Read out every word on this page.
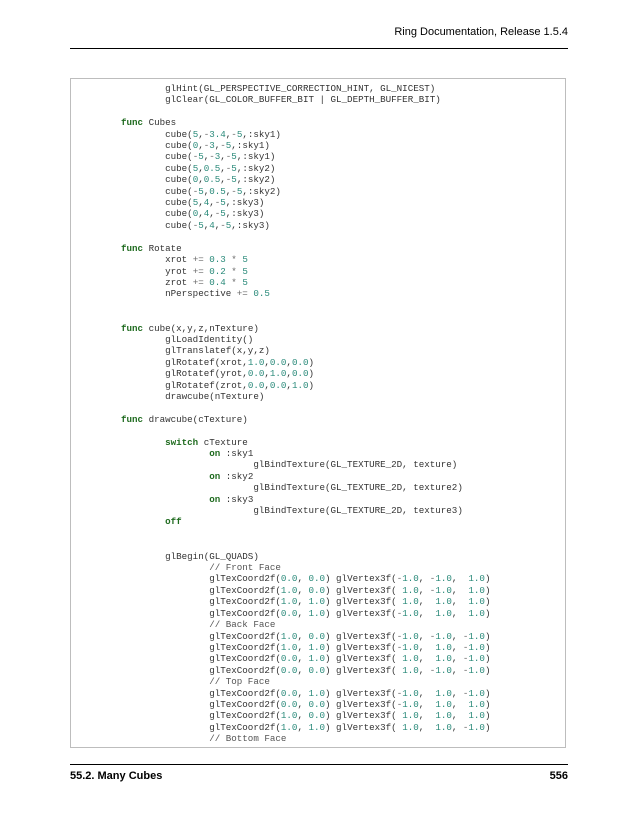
Ring Documentation, Release 1.5.4
glHint(GL_PERSPECTIVE_CORRECTION_HINT, GL_NICEST)
glClear(GL_COLOR_BUFFER_BIT | GL_DEPTH_BUFFER_BIT)

func Cubes
cube(5,-3.4,-5,:sky1)
cube(0,-3,-5,:sky1)
cube(-5,-3,-5,:sky1)
cube(5,0.5,-5,:sky2)
cube(0,0.5,-5,:sky2)
cube(-5,0.5,-5,:sky2)
cube(5,4,-5,:sky3)
cube(0,4,-5,:sky3)
cube(-5,4,-5,:sky3)

func Rotate
xrot += 0.3 * 5
yrot += 0.2 * 5
zrot += 0.4 * 5
nPerspective += 0.5

func cube(x,y,z,nTexture)
glLoadIdentity()
glTranslatef(x,y,z)
glRotatef(xrot,1.0,0.0,0.0)
glRotatef(yrot,0.0,1.0,0.0)
glRotatef(zrot,0.0,0.0,1.0)
drawcube(nTexture)

func drawcube(cTexture)

switch cTexture
on :sky1
glBindTexture(GL_TEXTURE_2D, texture)
on :sky2
glBindTexture(GL_TEXTURE_2D, texture2)
on :sky3
glBindTexture(GL_TEXTURE_2D, texture3)
off

glBegin(GL_QUADS)
// Front Face
glTexCoord2f(0.0, 0.0) glVertex3f(-1.0, -1.0,  1.0)
glTexCoord2f(1.0, 0.0) glVertex3f( 1.0, -1.0,  1.0)
glTexCoord2f(1.0, 1.0) glVertex3f( 1.0,  1.0,  1.0)
glTexCoord2f(0.0, 1.0) glVertex3f(-1.0,  1.0,  1.0)
// Back Face
glTexCoord2f(1.0, 0.0) glVertex3f(-1.0, -1.0, -1.0)
glTexCoord2f(1.0, 1.0) glVertex3f(-1.0,  1.0, -1.0)
glTexCoord2f(0.0, 1.0) glVertex3f( 1.0,  1.0, -1.0)
glTexCoord2f(0.0, 0.0) glVertex3f( 1.0, -1.0, -1.0)
// Top Face
glTexCoord2f(0.0, 1.0) glVertex3f(-1.0,  1.0, -1.0)
glTexCoord2f(0.0, 0.0) glVertex3f(-1.0,  1.0,  1.0)
glTexCoord2f(1.0, 0.0) glVertex3f( 1.0,  1.0,  1.0)
glTexCoord2f(1.0, 1.0) glVertex3f( 1.0,  1.0, -1.0)
// Bottom Face

55.2. Many Cubes	556
